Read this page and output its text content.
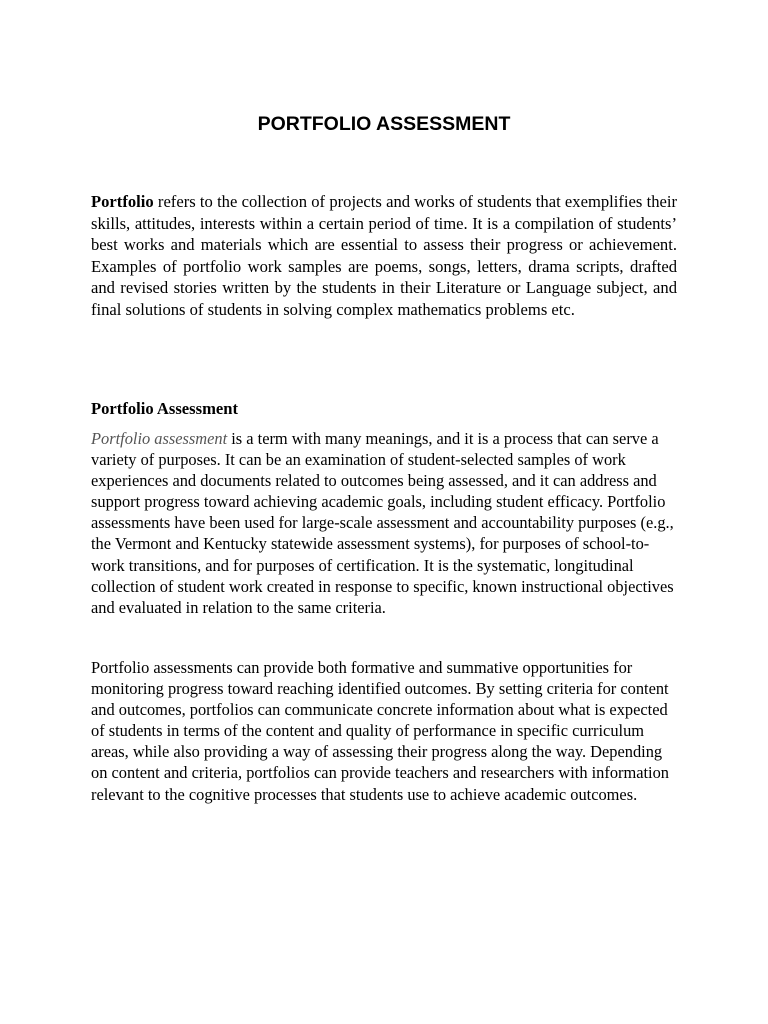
PORTFOLIO ASSESSMENT

Portfolio refers to the collection of projects and works of students that exemplifies their skills, attitudes, interests within a certain period of time. It is a compilation of students’ best works and materials which are essential to assess their progress or achievement. Examples of portfolio work samples are poems, songs, letters, drama scripts, drafted and revised stories written by the students in their Literature or Language subject, and final solutions of students in solving complex mathematics problems etc.

Portfolio Assessment

Portfolio assessment is a term with many meanings, and it is a process that can serve a variety of purposes. It can be an examination of student-selected samples of work experiences and documents related to outcomes being assessed, and it can address and support progress toward achieving academic goals, including student efficacy. Portfolio assessments have been used for large-scale assessment and accountability purposes (e.g., the Vermont and Kentucky statewide assessment systems), for purposes of school-to-work transitions, and for purposes of certification. It is the systematic, longitudinal collection of student work created in response to specific, known instructional objectives and evaluated in relation to the same criteria.

Portfolio assessments can provide both formative and summative opportunities for monitoring progress toward reaching identified outcomes. By setting criteria for content and outcomes, portfolios can communicate concrete information about what is expected of students in terms of the content and quality of performance in specific curriculum areas, while also providing a way of assessing their progress along the way. Depending on content and criteria, portfolios can provide teachers and researchers with information relevant to the cognitive processes that students use to achieve academic outcomes.
